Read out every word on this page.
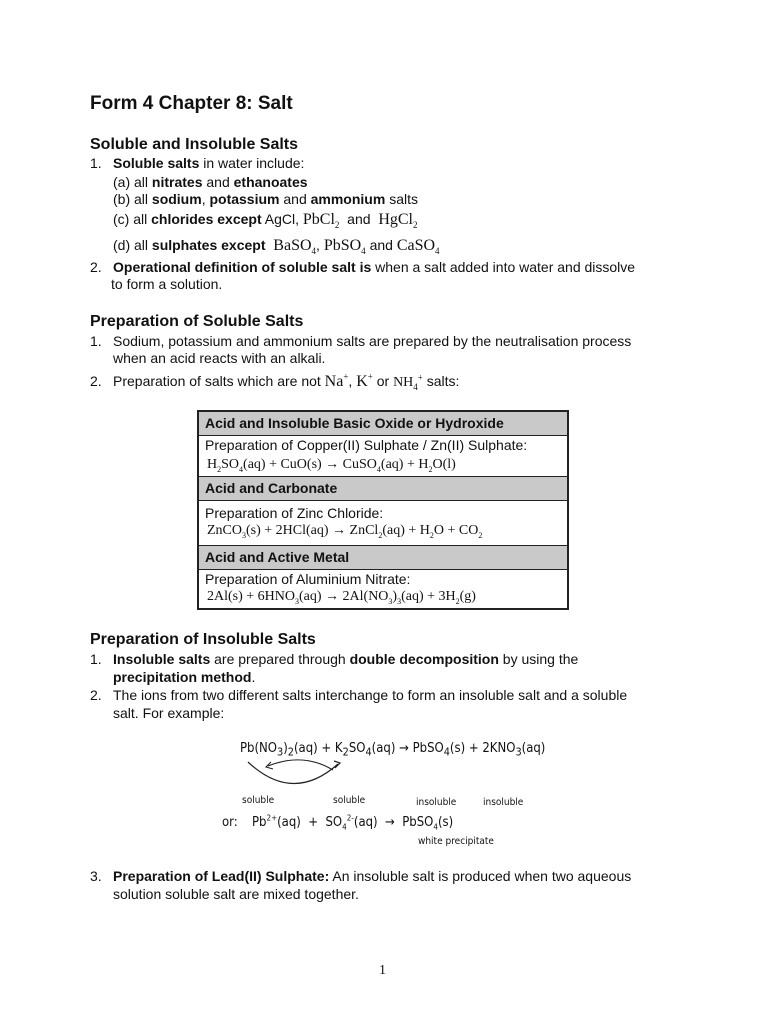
Form 4 Chapter 8: Salt
Soluble and Insoluble Salts
1. Soluble salts in water include:
(a) all nitrates and ethanoates
(b) all sodium, potassium and ammonium salts
(c) all chlorides except AgCl, PbCl$_2$ and HgCl$_2$
(d) all sulphates except BaSO$_4$, PbSO$_4$ and CaSO$_4$
2. Operational definition of soluble salt is when a salt added into water and dissolve
to form a solution.
Preparation of Soluble Salts
1. Sodium, potassium and ammonium salts are prepared by the neutralisation process
when an acid reacts with an alkali.
2. Preparation of salts which are not Na+, K+ or $NH_4^+$ salts:
Acid and Insoluble Basic Oxide or Hydroxide
Preparation of Copper(II) Sulphate / Zn(II) Sulphate:
$H_2SO_4(aq) + CuO(s)$ → CuSO$_4$(aq) + $H_2O(l)$
Acid and Carbonate
Preparation of Zinc Chloride:
ZnCO$_3$(s) + 2HCl(aq) → ZnCl$_2$(aq) + $H_2O + CO_2$
Acid and Active Metal
Preparation of Aluminium Nitrate:
$2Al(s) + 6HNO_3(aq) \to 2Al(NO_3)_3(aq) + 3H_2(g)$
Preparation of Insoluble Salts
1. Insoluble salts are prepared through double decomposition by using the
precipitation method.
2. The ions from two different salts interchange to form an insoluble salt and a soluble
salt. For example:
$Pb(NO_3)_2(aq) + K_2SO_4(aq)$ → PbSO$_4$(s) + $2KNO_3(aq)$
soluble	soluble	insoluble	insoluble
or: $Pb^{2+}(aq) + SO_4^{2-}(aq)$  →  PbSO$_4$(s)
white precipitate
3. Preparation of Lead(II) Sulphate: An insoluble salt is produced when two aqueous
solution soluble salt are mixed together.
1
